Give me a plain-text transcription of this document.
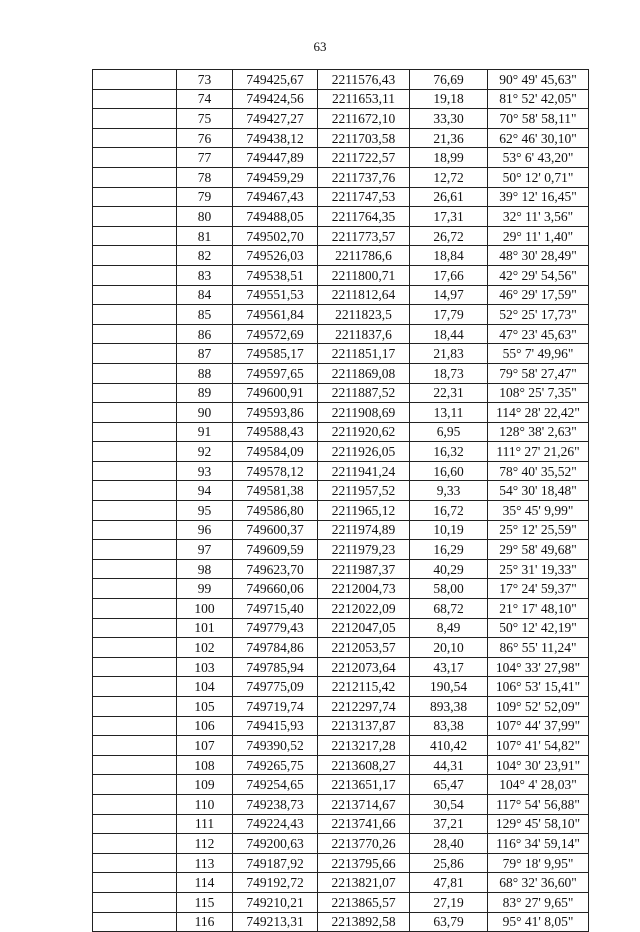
63
	73	749425,67	2211576,43	76,69	90° 49' 45,63"
	74	749424,56	2211653,11	19,18	81° 52' 42,05"
	75	749427,27	2211672,10	33,30	70° 58' 58,11"
	76	749438,12	2211703,58	21,36	62° 46' 30,10"
	77	749447,89	2211722,57	18,99	53° 6' 43,20"
	78	749459,29	2211737,76	12,72	50° 12' 0,71"
	79	749467,43	2211747,53	26,61	39° 12' 16,45"
	80	749488,05	2211764,35	17,31	32° 11' 3,56"
	81	749502,70	2211773,57	26,72	29° 11' 1,40"
	82	749526,03	2211786,6	18,84	48° 30' 28,49"
	83	749538,51	2211800,71	17,66	42° 29' 54,56"
	84	749551,53	2211812,64	14,97	46° 29' 17,59"
	85	749561,84	2211823,5	17,79	52° 25' 17,73"
	86	749572,69	2211837,6	18,44	47° 23' 45,63"
	87	749585,17	2211851,17	21,83	55° 7' 49,96"
	88	749597,65	2211869,08	18,73	79° 58' 27,47"
	89	749600,91	2211887,52	22,31	108° 25' 7,35"
	90	749593,86	2211908,69	13,11	114° 28' 22,42"
	91	749588,43	2211920,62	6,95	128° 38' 2,63"
	92	749584,09	2211926,05	16,32	111° 27' 21,26"
	93	749578,12	2211941,24	16,60	78° 40' 35,52"
	94	749581,38	2211957,52	9,33	54° 30' 18,48"
	95	749586,80	2211965,12	16,72	35° 45' 9,99"
	96	749600,37	2211974,89	10,19	25° 12' 25,59"
	97	749609,59	2211979,23	16,29	29° 58' 49,68"
	98	749623,70	2211987,37	40,29	25° 31' 19,33"
	99	749660,06	2212004,73	58,00	17° 24' 59,37"
	100	749715,40	2212022,09	68,72	21° 17' 48,10"
	101	749779,43	2212047,05	8,49	50° 12' 42,19"
	102	749784,86	2212053,57	20,10	86° 55' 11,24"
	103	749785,94	2212073,64	43,17	104° 33' 27,98"
	104	749775,09	2212115,42	190,54	106° 53' 15,41"
	105	749719,74	2212297,74	893,38	109° 52' 52,09"
	106	749415,93	2213137,87	83,38	107° 44' 37,99"
	107	749390,52	2213217,28	410,42	107° 41' 54,82"
	108	749265,75	2213608,27	44,31	104° 30' 23,91"
	109	749254,65	2213651,17	65,47	104° 4' 28,03"
	110	749238,73	2213714,67	30,54	117° 54' 56,88"
	111	749224,43	2213741,66	37,21	129° 45' 58,10"
	112	749200,63	2213770,26	28,40	116° 34' 59,14"
	113	749187,92	2213795,66	25,86	79° 18' 9,95"
	114	749192,72	2213821,07	47,81	68° 32' 36,60"
	115	749210,21	2213865,57	27,19	83° 27' 9,65"
	116	749213,31	2213892,58	63,79	95° 41' 8,05"
